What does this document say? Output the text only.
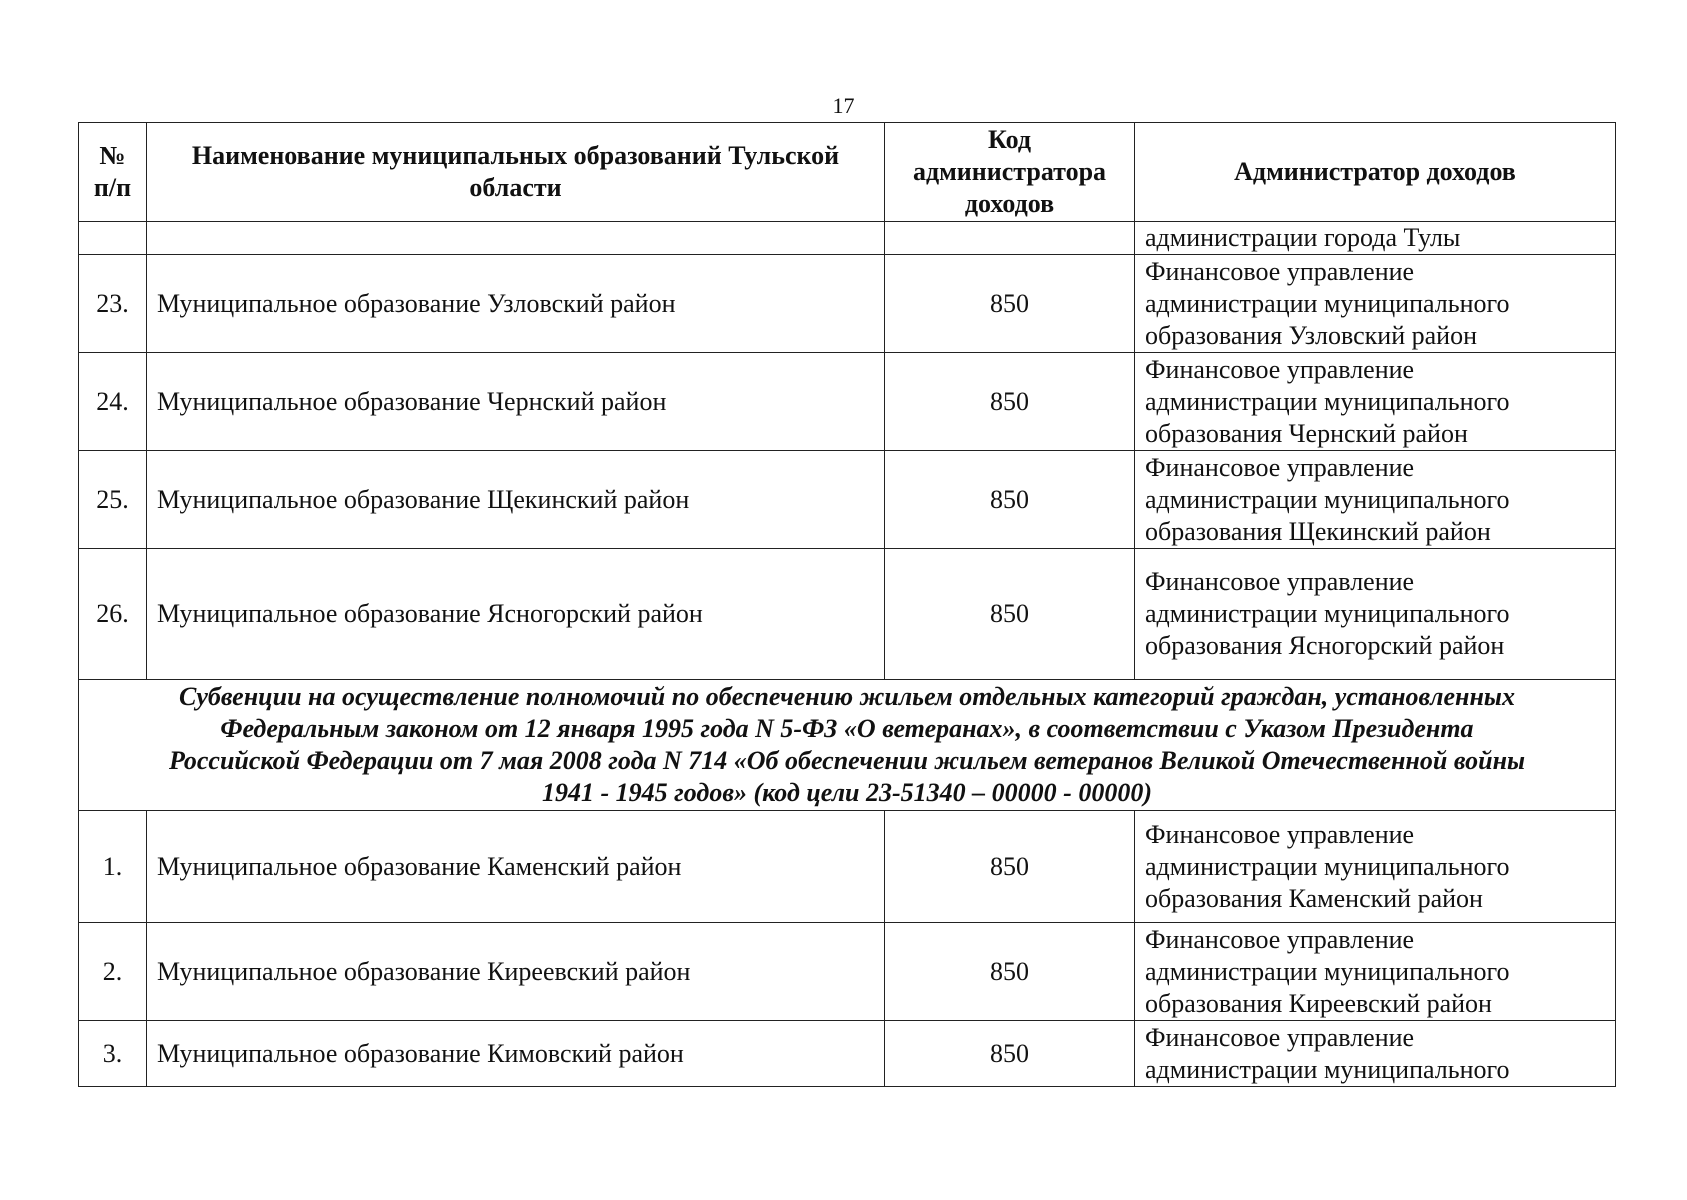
17
№ п/п	Наименование муниципальных образований Тульской области	Код
администратора
доходов	Администратор доходов
			администрации города Тулы
23.	Муниципальное образование Узловский район	850	Финансовое управление
администрации муниципального
образования Узловский район

24.	Муниципальное образование Чернский район	850	Финансовое управление
администрации муниципального
образования Чернский район

25.	Муниципальное образование Щекинский район	850	Финансовое управление
администрации муниципального
образования Щекинский район

26.	Муниципальное образование Ясногорский район	850	Финансовое управление
администрации муниципального
образования Ясногорский район

Субвенции на осуществление полномочий по обеспечению жильем отдельных категорий граждан, установленных
Федеральным законом от 12 января 1995 года N 5-ФЗ «О ветеранах», в соответствии с Указом Президента
Российской Федерации от 7 мая 2008 года N 714 «Об обеспечении жильем ветеранов Великой Отечественной войны
1941 - 1945 годов» (код цели 23-51340 – 00000 - 00000)			

1.	Муниципальное образование Каменский район	850	Финансовое управление
администрации муниципального
образования Каменский район

2.	Муниципальное образование Киреевский район	850	Финансовое управление
администрации муниципального
образования Киреевский район

3.	Муниципальное образование Кимовский район	850	Финансовое управление
администрации муниципального
